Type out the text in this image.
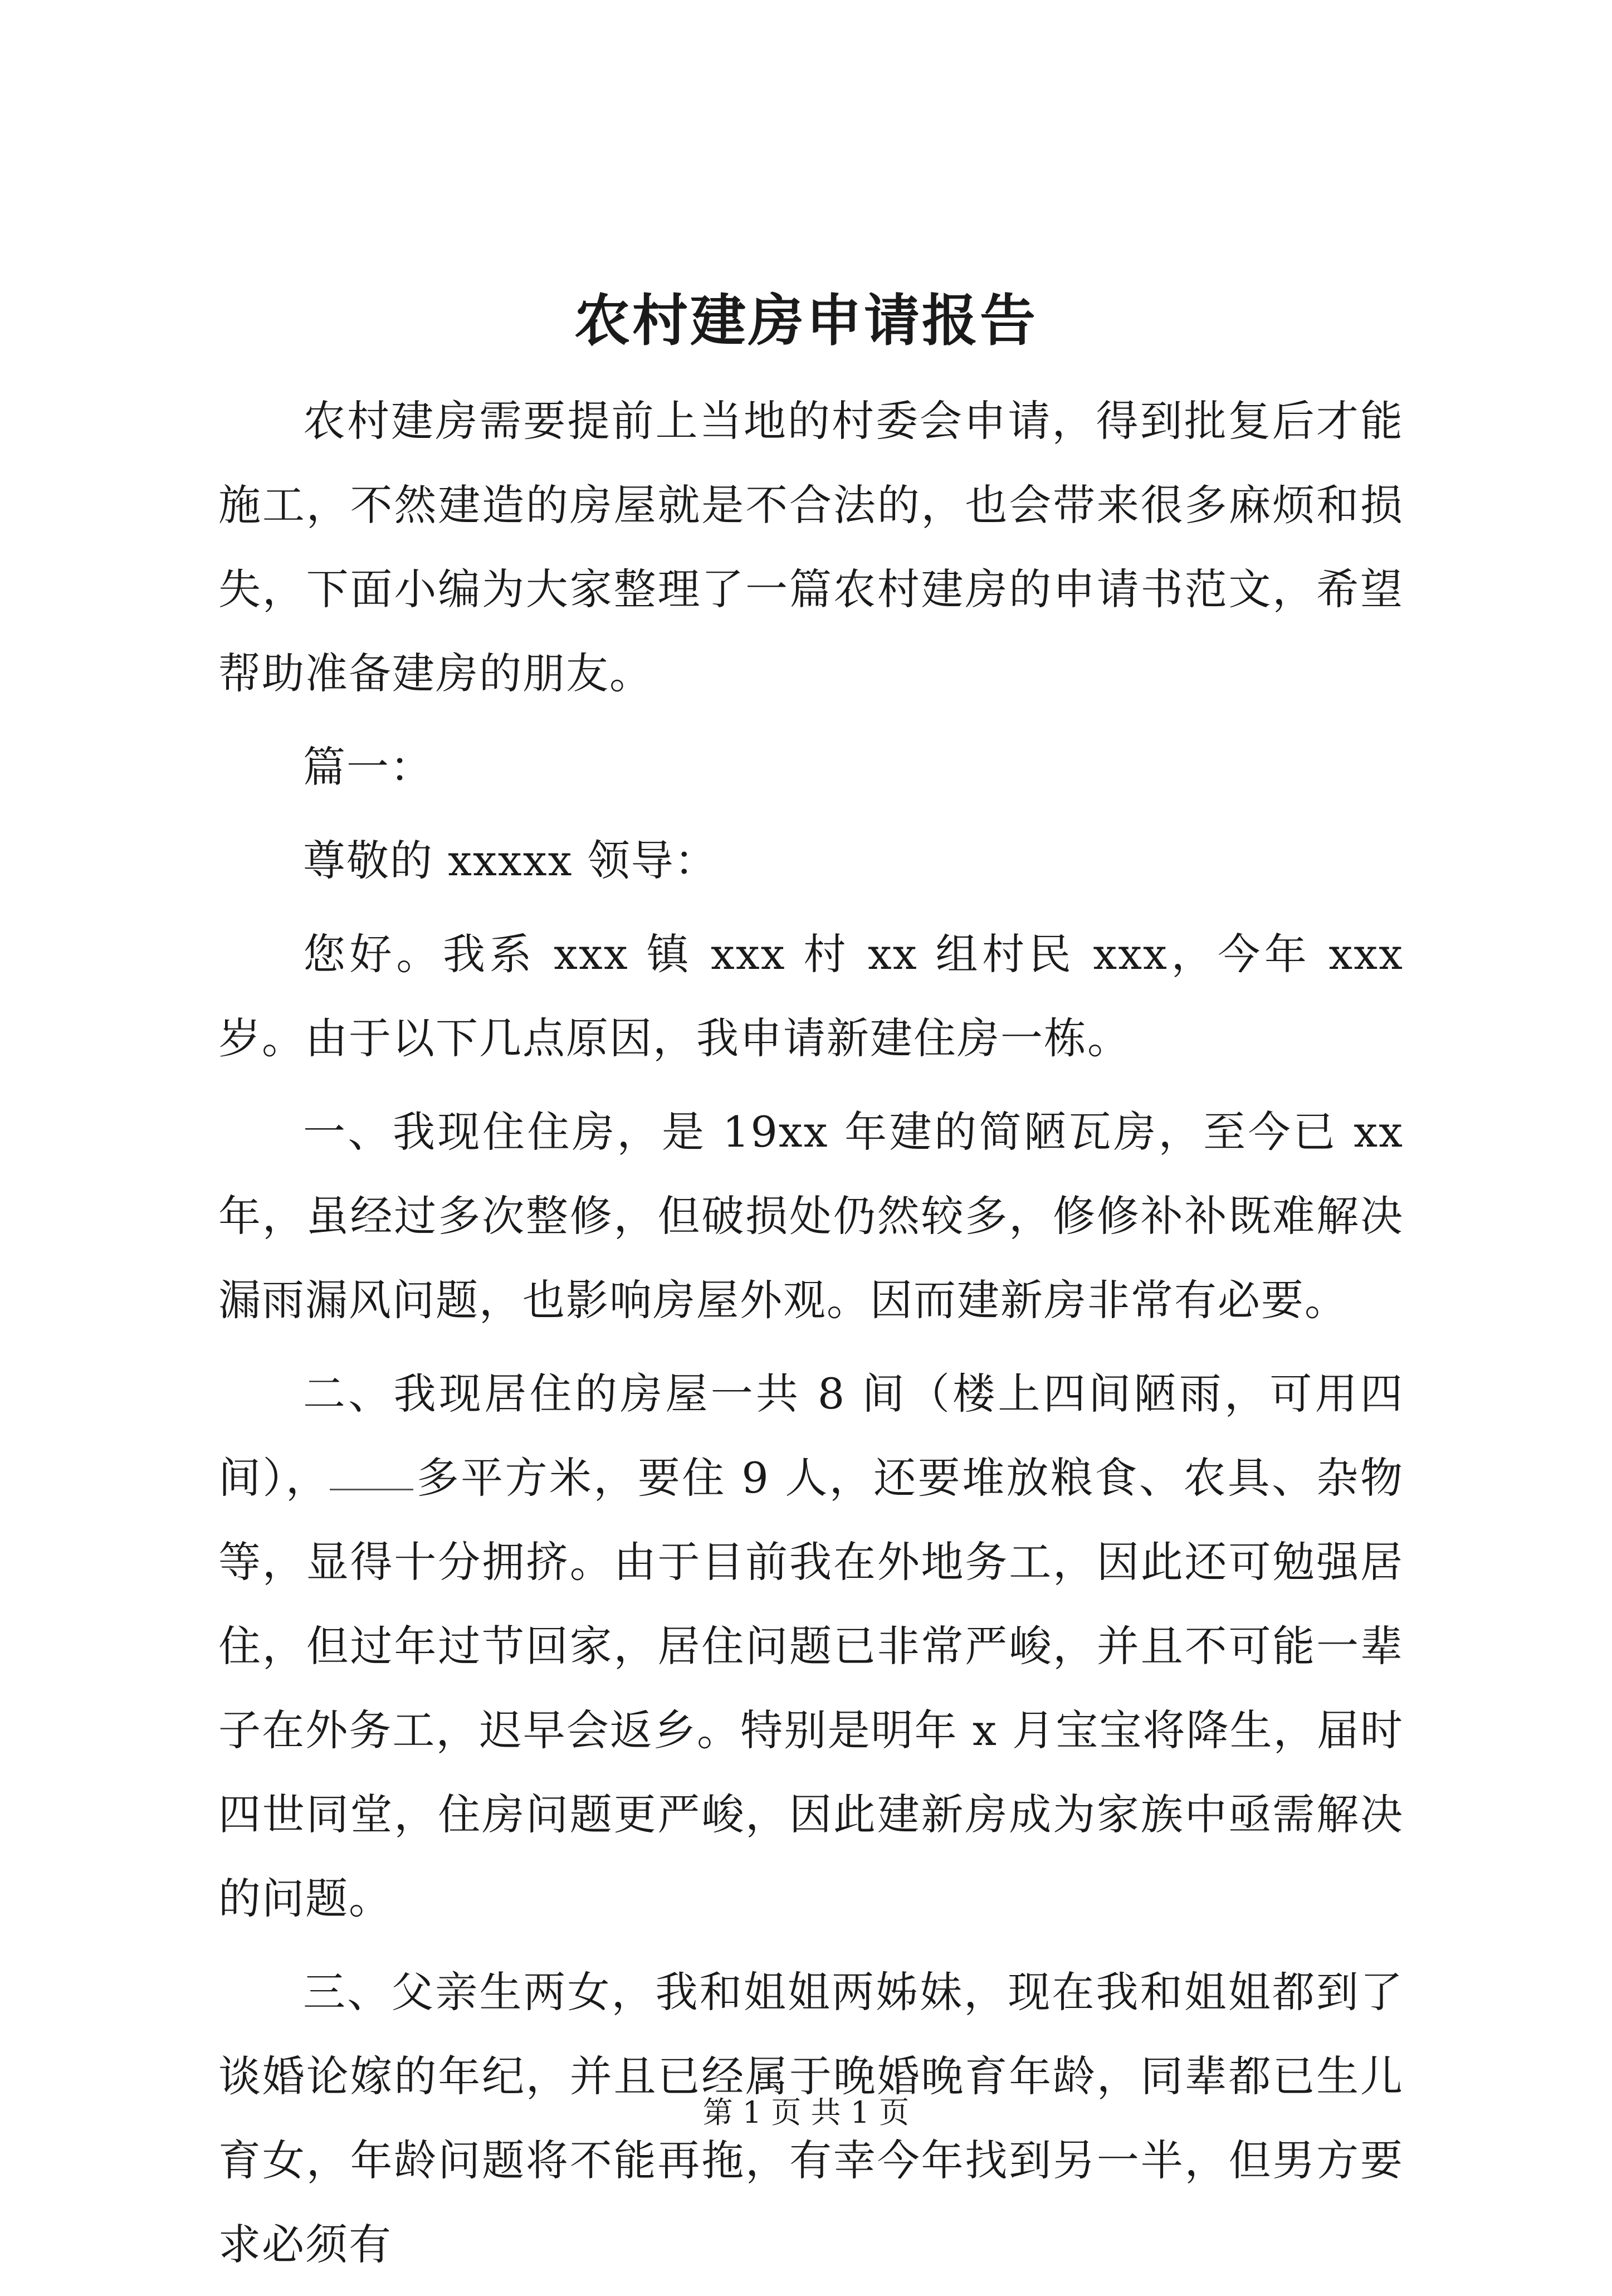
农村建房申请报告

农村建房需要提前上当地的村委会申请，得到批复后才能施工，不然建造的房屋就是不合法的，也会带来很多麻烦和损失，下面小编为大家整理了一篇农村建房的申请书范文，希望帮助准备建房的朋友。

篇一：

尊敬的 xxxxx 领导：

您好。我系 xxx 镇 xxx 村 xx 组村民 xxx，今年 xxx 岁。由于以下几点原因，我申请新建住房一栋。

一、我现住住房，是 19xx 年建的简陋瓦房，至今已 xx 年，虽经过多次整修，但破损处仍然较多，修修补补既难解决漏雨漏风问题，也影响房屋外观。因而建新房非常有必要。

二、我现居住的房屋一共 8 间（楼上四间陋雨，可用四间）， 多平方米，要住 9 人，还要堆放粮食、农具、杂物等，显得十分拥挤。由于目前我在外地务工，因此还可勉强居住，但过年过节回家，居住问题已非常严峻，并且不可能一辈子在外务工，迟早会返乡。特别是明年 x 月宝宝将降生，届时四世同堂，住房问题更严峻，因此建新房成为家族中亟需解决的问题。

三、父亲生两女，我和姐姐两姊妹，现在我和姐姐都到了谈婚论嫁的年纪，并且已经属于晚婚晚育年龄，同辈都已生儿育女，年龄问题将不能再拖，有幸今年找到另一半，但男方要求必须有

第 1 页 共 1 页
